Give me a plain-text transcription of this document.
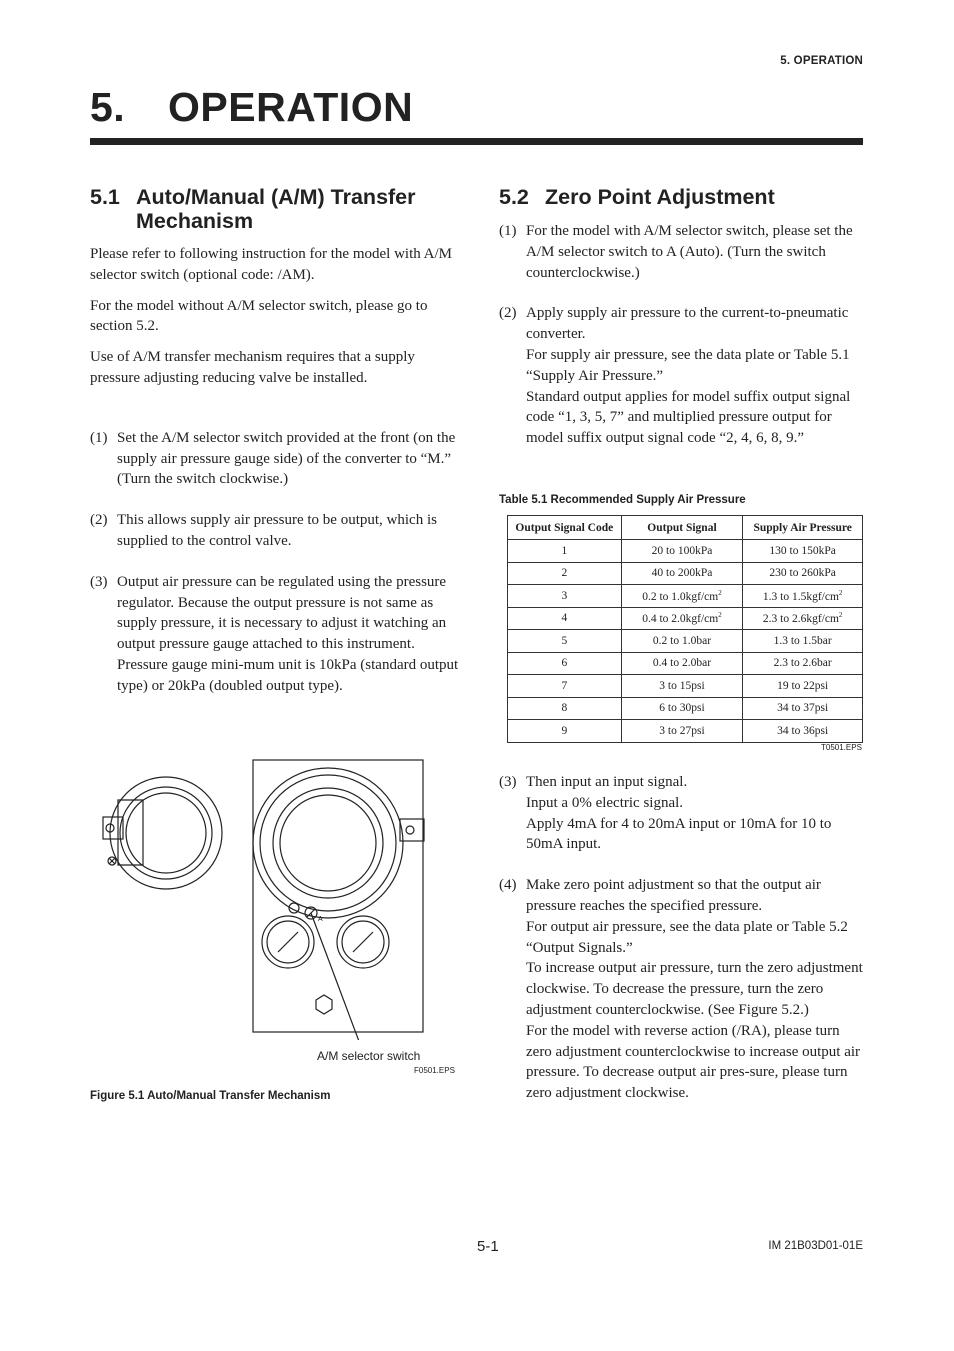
5. OPERATION
5. OPERATION
5.1 Auto/Manual (A/M) Transfer
Mechanism

Please refer to following instruction for the model with A/M selector switch (optional code: /AM).

For the model without A/M selector switch, please go to section 5.2.

Use of A/M transfer mechanism requires that a supply pressure adjusting reducing valve be installed.

(1) Set the A/M selector switch provided at the front (on the supply air pressure gauge side) of the converter to “M.” (Turn the switch clockwise.)

(2) This allows supply air pressure to be output, which is supplied to the control valve.

(3) Output air pressure can be regulated using the pressure regulator. Because the output pressure is not same as supply pressure, it is necessary to adjust it watching an output pressure gauge attached to this instrument. Pressure gauge mini-mum unit is 10kPa (standard output type) or 20kPa (doubled output type).

A
A/M selector switch
F0501.EPS
Figure 5.1 Auto/Manual Transfer Mechanism
5.2 Zero Point Adjustment
(1) For the model with A/M selector switch, please set the A/M selector switch to A (Auto). (Turn the switch counterclockwise.)

(2) Apply supply air pressure to the current-to-pneumatic converter.

For supply air pressure, see the data plate or Table 5.1 “Supply Air Pressure.”

Standard output applies for model suffix output signal code “1, 3, 5, 7” and multiplied pressure output for model suffix output signal code “2, 4, 6, 8, 9.”

Table 5.1 Recommended Supply Air Pressure
Output Signal Code	Output Signal	Supply Air Pressure
1	20 to 100kPa	130 to 150kPa
2	40 to 200kPa	230 to 260kPa
3	0.2 to $1.0kgf/cm^2$	1.3 to $1.5kgf/cm^2$
4	0.4 to $2.0kgf/cm^2$	2.3 to $2.6kgf/cm^2$
5	0.2 to 1.0bar	1.3 to 1.5bar
6	0.4 to 2.0bar	2.3 to 2.6bar
7	3 to 15psi	19 to 22psi
8	6 to 30psi	34 to 37psi
9	3 to 27psi	34 to 36psi
T0501.EPS
(3) Then input an input signal.

Input a 0% electric signal.

Apply 4mA for 4 to 20mA input or 10mA for 10 to 50mA input.

(4) Make zero point adjustment so that the output air pressure reaches the specified pressure.

For output air pressure, see the data plate or Table 5.2 “Output Signals.”

To increase output air pressure, turn the zero adjustment clockwise. To decrease the pressure, turn the zero adjustment counterclockwise. (See Figure 5.2.)

For the model with reverse action (/RA), please turn zero adjustment counterclockwise to increase output air pressure. To decrease output air pres-sure, please turn zero adjustment clockwise.

5-1	IM 21B03D01-01E
